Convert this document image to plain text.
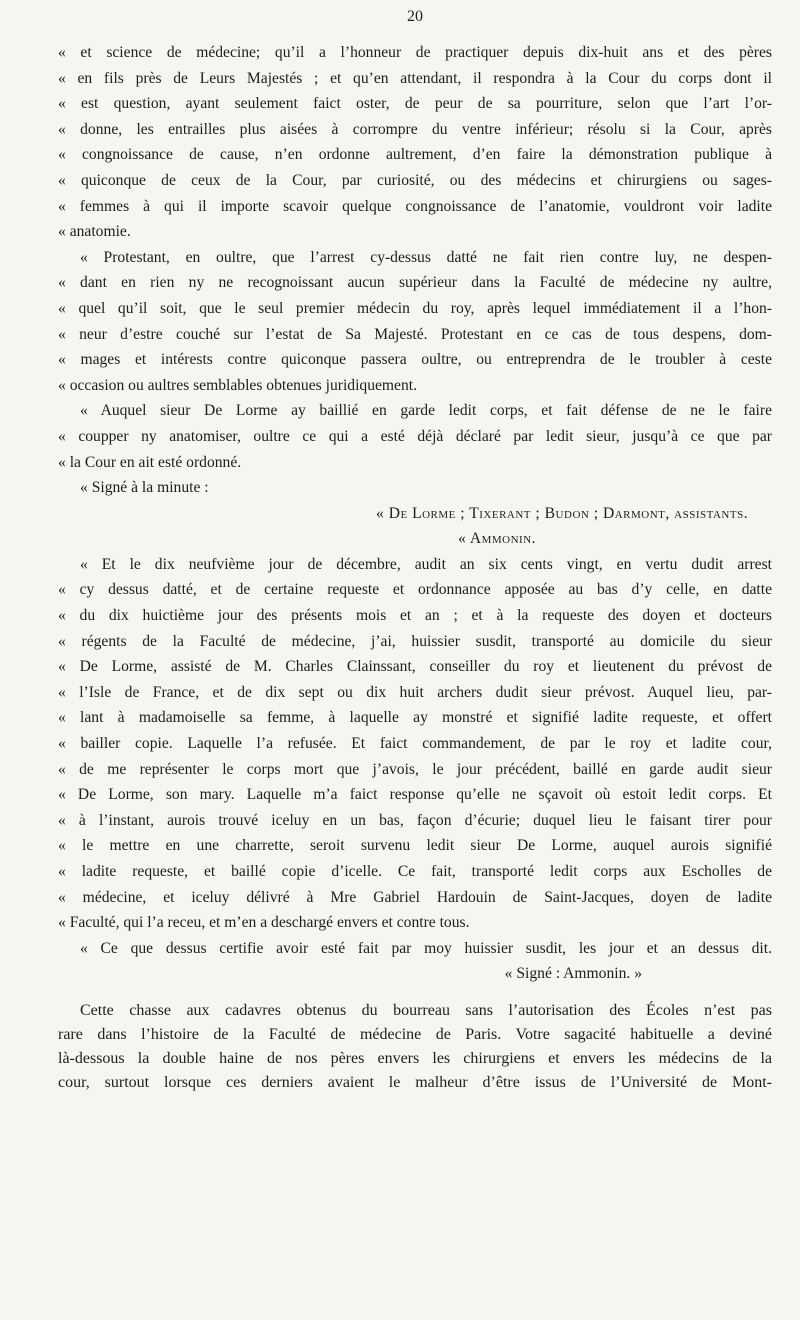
20
« et science de médecine; qu’il a l’honneur de practiquer depuis dix-huit ans et des pères
« en fils près de Leurs Majestés ; et qu’en attendant, il respondra à la Cour du corps dont il
« est question, ayant seulement faict oster, de peur de sa pourriture, selon que l’art l’or-
« donne, les entrailles plus aisées à corrompre du ventre inférieur; résolu si la Cour, après
« congnoissance de cause, n’en ordonne aultrement, d’en faire la démonstration publique à
« quiconque de ceux de la Cour, par curiosité, ou des médecins et chirurgiens ou sages-
« femmes à qui il importe scavoir quelque congnoissance de l’anatomie, vouldront voir ladite
« anatomie.
« Protestant, en oultre, que l’arrest cy-dessus datté ne fait rien contre luy, ne despen-
« dant en rien ny ne recognoissant aucun supérieur dans la Faculté de médecine ny aultre,
« quel qu’il soit, que le seul premier médecin du roy, après lequel immédiatement il a l’hon-
« neur d’estre couché sur l’estat de Sa Majesté. Protestant en ce cas de tous despens, dom-
« mages et intérests contre quiconque passera oultre, ou entreprendra de le troubler à ceste
« occasion ou aultres semblables obtenues juridiquement.
« Auquel sieur De Lorme ay baillié en garde ledit corps, et fait défense de ne le faire
« coupper ny anatomiser, oultre ce qui a esté déjà déclaré par ledit sieur, jusqu’à ce que par
« la Cour en ait esté ordonné.
« Signé à la minute :
« De Lorme ; Tixerant ; Budon ; Darmont, assistants.
« Ammonin.
« Et le dix neufvième jour de décembre, audit an six cents vingt, en vertu dudit arrest
« cy dessus datté, et de certaine requeste et ordonnance apposée au bas d’y celle, en datte
« du dix huictième jour des présents mois et an ; et à la requeste des doyen et docteurs
« régents de la Faculté de médecine, j’ai, huissier susdit, transporté au domicile du sieur
« De Lorme, assisté de M. Charles Clainssant, conseiller du roy et lieutenent du prévost de
« l’Isle de France, et de dix sept ou dix huit archers dudit sieur prévost. Auquel lieu, par-
« lant à madamoiselle sa femme, à laquelle ay monstré et signifié ladite requeste, et offert
« bailler copie. Laquelle l’a refusée. Et faict commandement, de par le roy et ladite cour,
« de me représenter le corps mort que j’avois, le jour précédent, baillé en garde audit sieur
« De Lorme, son mary. Laquelle m’a faict response qu’elle ne sçavoit où estoit ledit corps. Et
« à l’instant, aurois trouvé iceluy en un bas, façon d’écurie; duquel lieu le faisant tirer pour
« le mettre en une charrette, seroit survenu ledit sieur De Lorme, auquel aurois signifié
« ladite requeste, et baillé copie d’icelle. Ce fait, transporté ledit corps aux Escholles de
« médecine, et iceluy délivré à Mre Gabriel Hardouin de Saint-Jacques, doyen de ladite
« Faculté, qui l’a receu, et m’en a deschargé envers et contre tous.
« Ce que dessus certifie avoir esté fait par moy huissier susdit, les jour et an dessus dit.
« Signé : Ammonin. »
Cette chasse aux cadavres obtenus du bourreau sans l’autorisation des Écoles n’est pas
rare dans l’histoire de la Faculté de médecine de Paris. Votre sagacité habituelle a deviné
là-dessous la double haine de nos pères envers les chirurgiens et envers les médecins de la
cour, surtout lorsque ces derniers avaient le malheur d’être issus de l’Université de Mont-
